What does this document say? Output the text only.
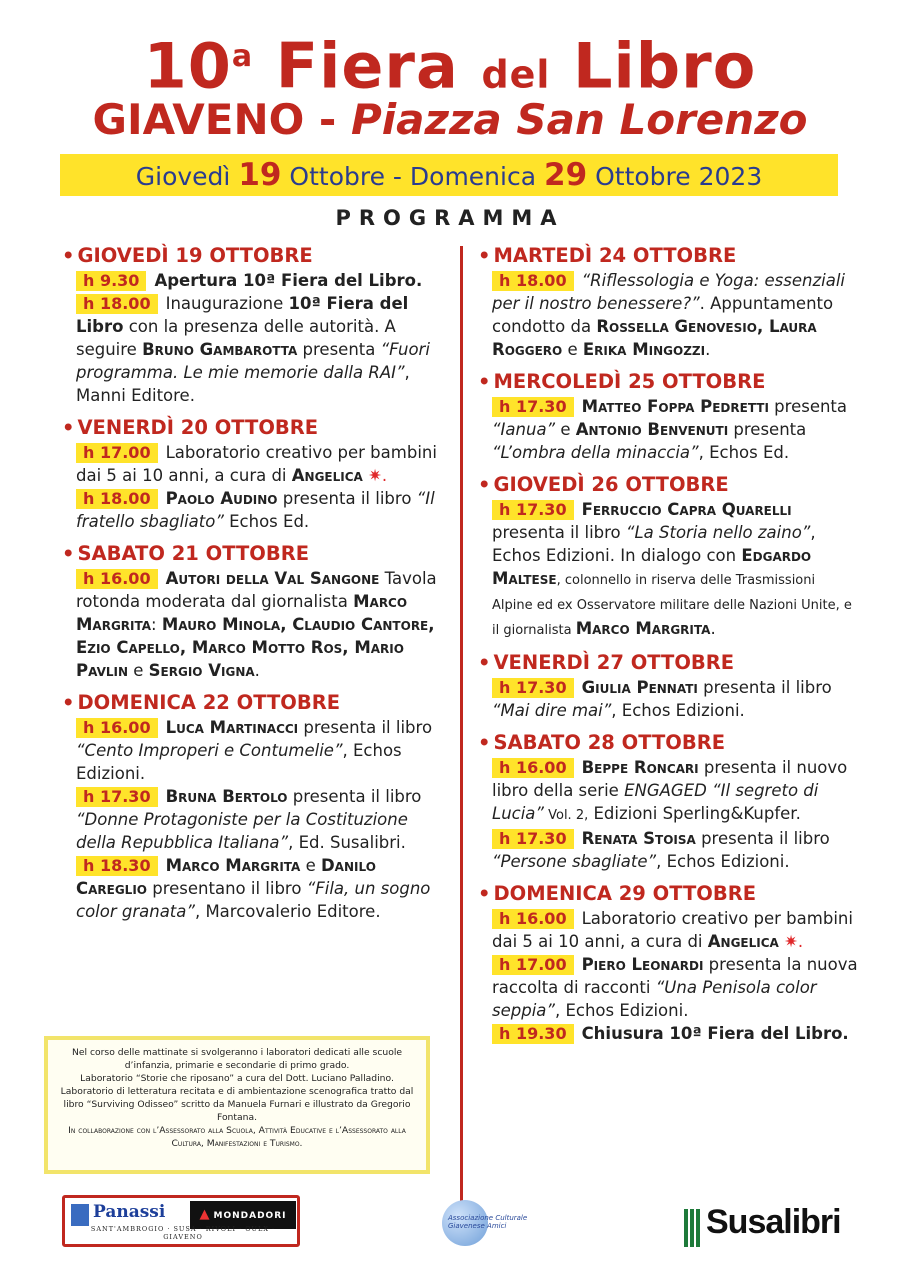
10$^a$ Fiera del Libro
GIAVENO - Piazza San Lorenzo
Giovedì 19 Ottobre - Domenica 29 Ottobre 2023
PROGRAMMA
• GIOVEDÌ 19 OTTOBRE
h 9.30 Apertura 10ª Fiera del Libro.
h 18.00 Inaugurazione 10ª Fiera del Libro con la presenza delle autorità. A seguire Bruno Gambarotta presenta “Fuori programma. Le mie memorie dalla RAI”, Manni Editore.
• VENERDÌ 20 OTTOBRE
h 17.00 Laboratorio creativo per bambini dai 5 ai 10 anni, a cura di Angelica ✷.
h 18.00 Paolo Audino presenta il libro “Il fratello sbagliato” Echos Ed.
• SABATO 21 OTTOBRE
h 16.00 Autori della Val Sangone Tavola rotonda moderata dal giornalista Marco Margrita: Mauro Minola, Claudio Cantore, Ezio Capello, Marco Motto Ros, Mario Pavlin e Sergio Vigna.
• DOMENICA 22 OTTOBRE
h 16.00 Luca Martinacci presenta il libro “Cento Improperi e Contumelie”, Echos Edizioni.
h 17.30 Bruna Bertolo presenta il libro “Donne Protagoniste per la Costituzione della Repubblica Italiana”, Ed. Susalibri.
h 18.30 Marco Margrita e Danilo Careglio presentano il libro “Fila, un sogno color granata”, Marcovalerio Editore.
• MARTEDÌ 24 OTTOBRE
h 18.00 “Riflessologia e Yoga: essenziali per il nostro benessere?”. Appuntamento condotto da Rossella Genovesio, Laura Roggero e Erika Mingozzi.
• MERCOLEDÌ 25 OTTOBRE
h 17.30 Matteo Foppa Pedretti presenta “Ianua” e Antonio Benvenuti presenta “L’ombra della minaccia”, Echos Ed.
• GIOVEDÌ 26 OTTOBRE
h 17.30 Ferruccio Capra Quarelli presenta il libro “La Storia nello zaino”, Echos Edizioni. In dialogo con Edgardo Maltese, colonnello in riserva delle Trasmissioni Alpine ed ex Osservatore militare delle Nazioni Unite, e il giornalista Marco Margrita.
• VENERDÌ 27 OTTOBRE
h 17.30 Giulia Pennati presenta il libro “Mai dire mai”, Echos Edizioni.
• SABATO 28 OTTOBRE
h 16.00 Beppe Roncari presenta il nuovo libro della serie ENGAGED “Il segreto di Lucia” Vol. 2, Edizioni Sperling&Kupfer.
h 17.30 Renata Stoisa presenta il libro “Persone sbagliate”, Echos Edizioni.
• DOMENICA 29 OTTOBRE
h 16.00 Laboratorio creativo per bambini dai 5 ai 10 anni, a cura di Angelica ✷.
h 17.00 Piero Leonardi presenta la nuova raccolta di racconti “Una Penisola color seppia”, Echos Edizioni.
h 19.30 Chiusura 10ª Fiera del Libro.
Nel corso delle mattinate si svolgeranno i laboratori dedicati alle scuole d’infanzia, primarie e secondarie di primo grado.
Laboratorio “Storie che riposano” a cura del Dott. Luciano Palladino.
Laboratorio di letteratura recitata e di ambientazione scenografica tratto dal libro “Surviving Odisseo” scritto da Manuela Furnari e illustrato da Gregorio Fontana.
In collaborazione con l’Assessorato alla Scuola, Attività Educative e l’Assessorato alla Cultura, Manifestazioni e Turismo.
Panassi	▲ MONDADORI
SANT'AMBROGIO · SUSA · RIVOLI · OULX · GIAVENO
Associazione Culturale Giavenese Amici	Susalibri
